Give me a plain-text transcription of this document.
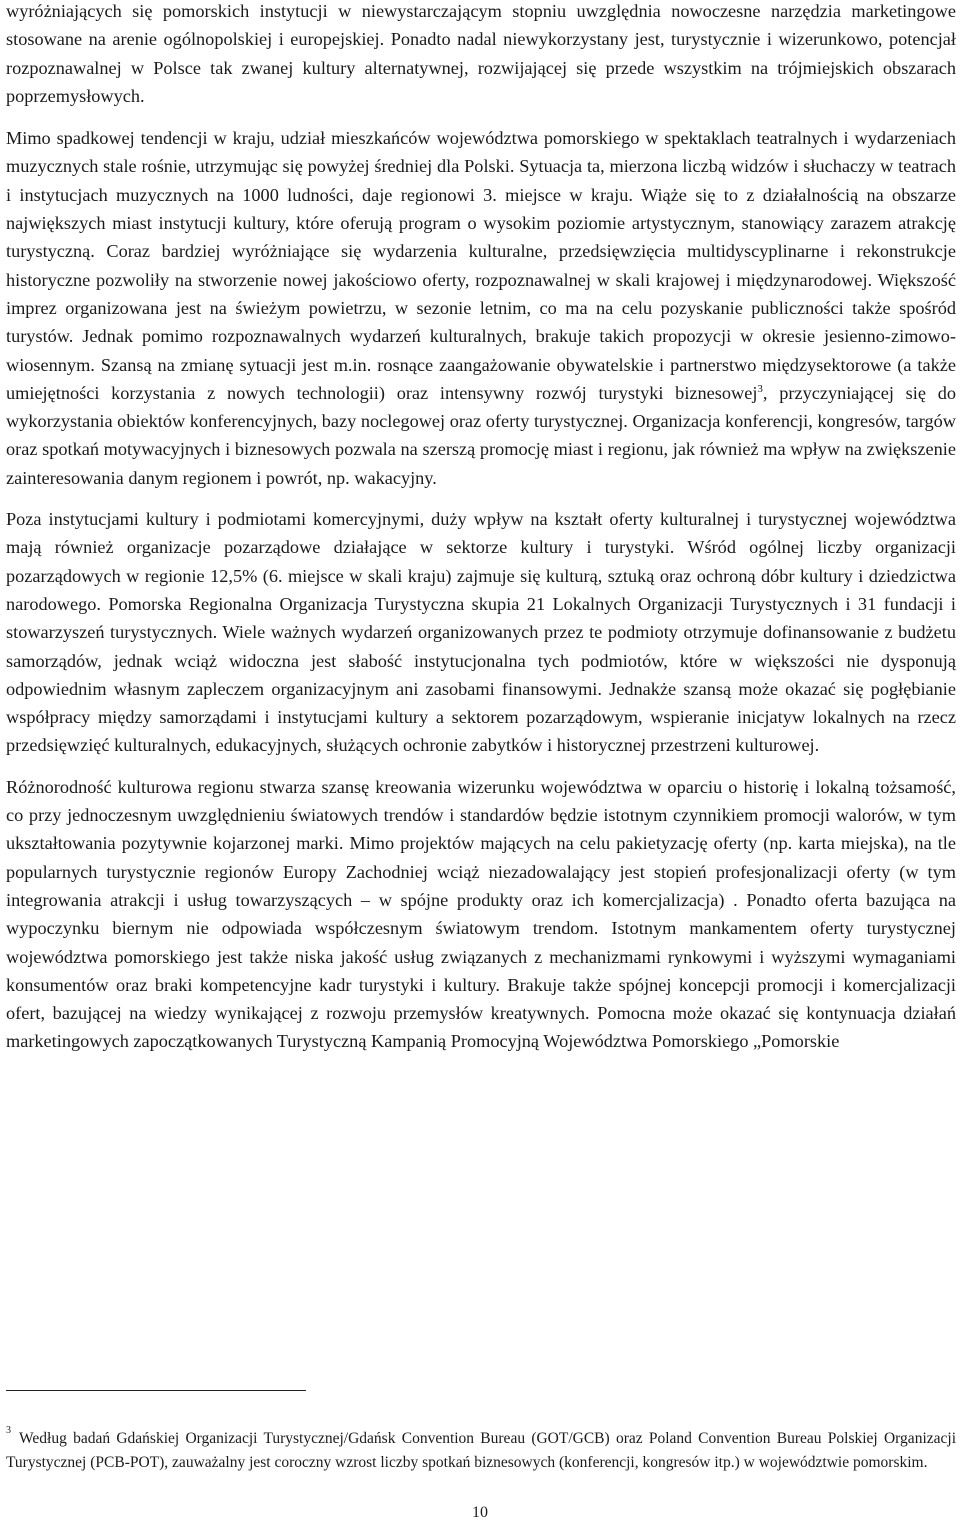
wyróżniających się pomorskich instytucji w niewystarczającym stopniu uwzględnia nowoczesne narzędzia marketingowe stosowane na arenie ogólnopolskiej i europejskiej. Ponadto nadal niewykorzystany jest, turystycznie i wizerunkowo, potencjał rozpoznawalnej w Polsce tak zwanej kultury alternatywnej, rozwijającej się przede wszystkim na trójmiejskich obszarach poprzemysłowych.

Mimo spadkowej tendencji w kraju, udział mieszkańców województwa pomorskiego w spektaklach teatralnych i wydarzeniach muzycznych stale rośnie, utrzymując się powyżej średniej dla Polski. Sytuacja ta, mierzona liczbą widzów i słuchaczy w teatrach i instytucjach muzycznych na 1000 ludności, daje regionowi 3. miejsce w kraju. Wiąże się to z działalnością na obszarze największych miast instytucji kultury, które oferują program o wysokim poziomie artystycznym, stanowiący zarazem atrakcję turystyczną. Coraz bardziej wyróżniające się wydarzenia kulturalne, przedsięwzięcia multidyscyplinarne i rekonstrukcje historyczne pozwoliły na stworzenie nowej jakościowo oferty, rozpoznawalnej w skali krajowej i międzynarodowej. Większość imprez organizowana jest na świeżym powietrzu, w sezonie letnim, co ma na celu pozyskanie publiczności także spośród turystów. Jednak pomimo rozpoznawalnych wydarzeń kulturalnych, brakuje takich propozycji w okresie jesienno-zimowo-wiosennym. Szansą na zmianę sytuacji jest m.in. rosnące zaangażowanie obywatelskie i partnerstwo międzysektorowe (a także umiejętności korzystania z nowych technologii) oraz intensywny rozwój turystyki biznesowej$^3$, przyczyniającej się do wykorzystania obiektów konferencyjnych, bazy noclegowej oraz oferty turystycznej. Organizacja konferencji, kongresów, targów oraz spotkań motywacyjnych i biznesowych pozwala na szerszą promocję miast i regionu, jak również ma wpływ na zwiększenie zainteresowania danym regionem i powrót, np. wakacyjny.

Poza instytucjami kultury i podmiotami komercyjnymi, duży wpływ na kształt oferty kulturalnej i turystycznej województwa mają również organizacje pozarządowe działające w sektorze kultury i turystyki. Wśród ogólnej liczby organizacji pozarządowych w regionie 12,5% (6. miejsce w skali kraju) zajmuje się kulturą, sztuką oraz ochroną dóbr kultury i dziedzictwa narodowego. Pomorska Regionalna Organizacja Turystyczna skupia 21 Lokalnych Organizacji Turystycznych i 31 fundacji i stowarzyszeń turystycznych. Wiele ważnych wydarzeń organizowanych przez te podmioty otrzymuje dofinansowanie z budżetu samorządów, jednak wciąż widoczna jest słabość instytucjonalna tych podmiotów, które w większości nie dysponują odpowiednim własnym zapleczem organizacyjnym ani zasobami finansowymi. Jednakże szansą może okazać się pogłębianie współpracy między samorządami i instytucjami kultury a sektorem pozarządowym, wspieranie inicjatyw lokalnych na rzecz przedsięwzięć kulturalnych, edukacyjnych, służących ochronie zabytków i historycznej przestrzeni kulturowej.

Różnorodność kulturowa regionu stwarza szansę kreowania wizerunku województwa w oparciu o historię i lokalną tożsamość, co przy jednoczesnym uwzględnieniu światowych trendów i standardów będzie istotnym czynnikiem promocji walorów, w tym ukształtowania pozytywnie kojarzonej marki. Mimo projektów mających na celu pakietyzację oferty (np. karta miejska), na tle popularnych turystycznie regionów Europy Zachodniej wciąż niezadowalający jest stopień profesjonalizacji oferty (w tym integrowania atrakcji i usług towarzyszących – w spójne produkty oraz ich komercjalizacja) . Ponadto oferta bazująca na wypoczynku biernym nie odpowiada współczesnym światowym trendom. Istotnym mankamentem oferty turystycznej województwa pomorskiego jest także niska jakość usług związanych z mechanizmami rynkowymi i wyższymi wymaganiami konsumentów oraz braki kompetencyjne kadr turystyki i kultury. Brakuje także spójnej koncepcji promocji i komercjalizacji ofert, bazującej na wiedzy wynikającej z rozwoju przemysłów kreatywnych. Pomocna może okazać się kontynuacja działań marketingowych zapoczątkowanych Turystyczną Kampanią Promocyjną Województwa Pomorskiego „Pomorskie

$^3$ Według badań Gdańskiej Organizacji Turystycznej/Gdańsk Convention Bureau (GOT/GCB) oraz Poland Convention Bureau Polskiej Organizacji Turystycznej (PCB-POT), zauważalny jest coroczny wzrost liczby spotkań biznesowych (konferencji, kongresów itp.) w województwie pomorskim.

10
